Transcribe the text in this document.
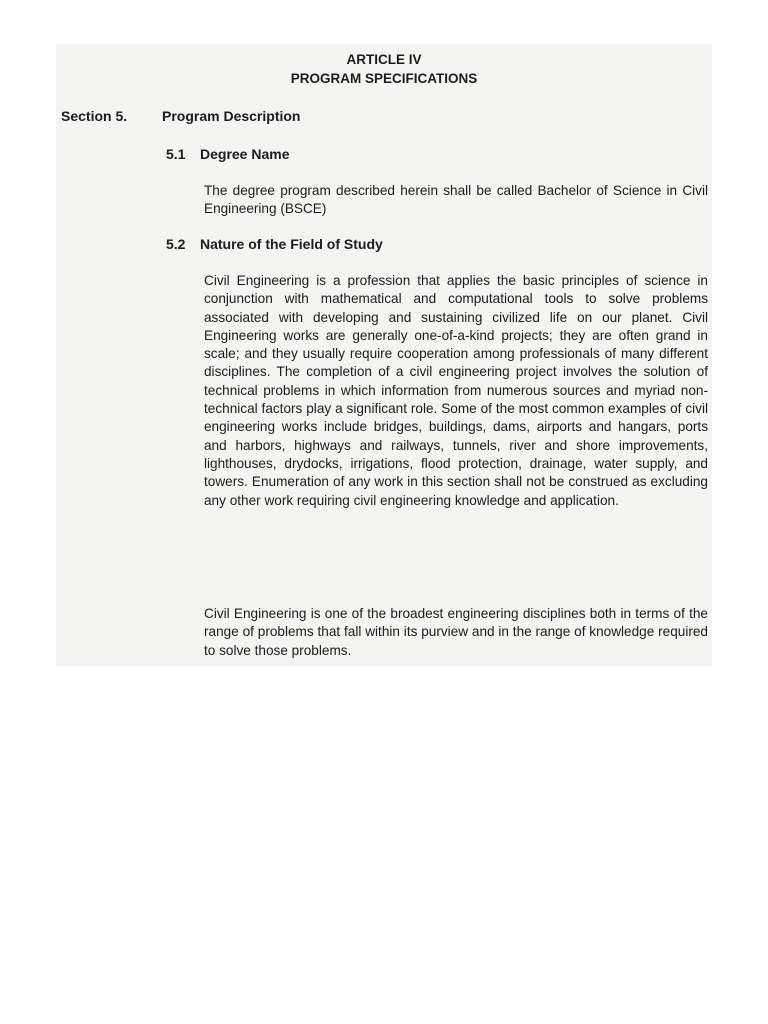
ARTICLE IV
PROGRAM SPECIFICATIONS
Section 5. Program Description
5.1 Degree Name

The degree program described herein shall be called Bachelor of Science in Civil Engineering (BSCE)

5.2 Nature of the Field of Study

Civil Engineering is a profession that applies the basic principles of science in conjunction with mathematical and computational tools to solve problems associated with developing and sustaining civilized life on our planet. Civil Engineering works are generally one-of-a-kind projects; they are often grand in scale; and they usually require cooperation among professionals of many different disciplines. The completion of a civil engineering project involves the solution of technical problems in which information from numerous sources and myriad non-technical factors play a significant role. Some of the most common examples of civil engineering works include bridges, buildings, dams, airports and hangars, ports and harbors, highways and railways, tunnels, river and shore improvements, lighthouses, drydocks, irrigations, flood protection, drainage, water supply, and towers. Enumeration of any work in this section shall not be construed as excluding any other work requiring civil engineering knowledge and application.

Civil Engineering is one of the broadest engineering disciplines both in terms of the range of problems that fall within its purview and in the range of knowledge required to solve those problems.
